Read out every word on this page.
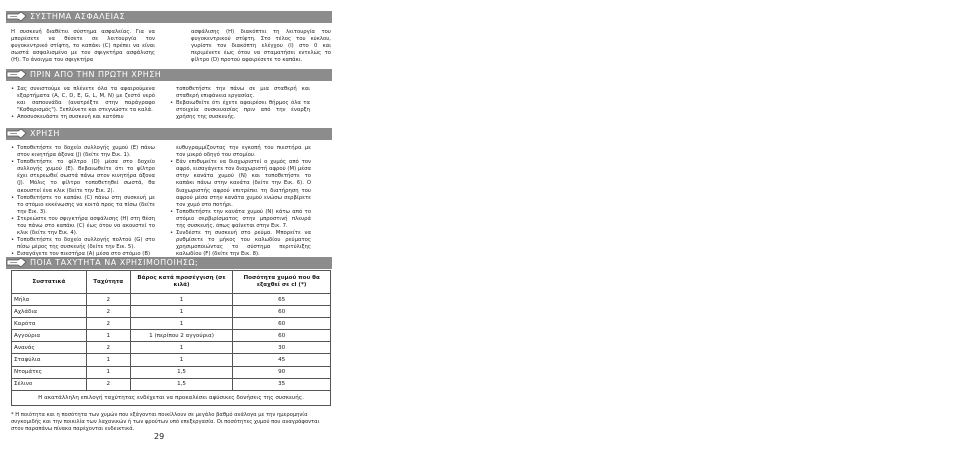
ΣΥΣΤΗΜΑ ΑΣΦΑΛΕΙΑΣ

Η συσκευή διαθέτει σύστημα ασφαλείας. Για να μπορέσετε να θέσετε σε λειτουργία τον φυγοκεντρικό στίφτη, το καπάκι (C) πρέπει να είναι σωστά ασφαλισμένο με τον σφιγκτήρα ασφάλισης (H). Το άνοιγμα του σφιγκτήρα

ασφάλισης (H) διακόπτει τη λειτουργία του φυγοκεντρικού στίφτη. Στο τέλος του κύκλου, γυρίστε τον διακόπτη ελέγχου (I) στο 0 και περιμένετε έως ότου να σταματήσει εντελώς το φίλτρο (D) προτού αφαιρέσετε το καπάκι.

ΠΡΙΝ ΑΠΟ ΤΗΝ ΠΡΩΤΗ ΧΡΗΣΗ
• Σας συνιστούμε να πλένετε όλα τα αφαιρούμενα εξαρτήματα (A, C, D, E, G, L, M, N) με ζεστό νερό και σαπουνάδα (ανατρέξτε στην παράγραφο "Καθαρισμός"). Ξεπλύνετε και στεγνώστε τα καλά.
• Αποσυσκευάστε τη συσκευή και κατόπιν

τοποθετήστε την πάνω σε μια σταθερή και σταθερή επιφάνεια εργασίας.

• Βεβαιωθείτε ότι έχετε αφαιρέσει θήρμος όλα τα στοιχεία συσκευασίας πριν από την έναρξη χρήσης της συσκευής.
ΧΡΗΣΗ
• Τοποθετήστε το δοχείο συλλογής χυμού (E) πάνω στον κινητήρα άξονα (J) (δείτε την Εικ. 1).
• Τοποθετήστε το φίλτρο (D) μέσα στο δοχείο συλλογής χυμού (E). Βεβαιωθείτε ότι το φίλτρο έχει στερεωθεί σωστά πάνω στον κινητήρα άξονα (J). Μόλις το φίλτρο τοποθετηθεί σωστά, θα ακουστεί ένα κλικ (δείτε την Εικ. 2).
• Τοποθετήστε το καπάκι (C) πάνω στη συσκευή με το στόμιο εκκένωσης να κοιτά προς τα πίσω (δείτε την Εικ. 3).
• Στερεώστε τον σφιγκτήρα ασφάλισης (H) στη θέση του πάνω στο καπάκι (C) έως ότου να ακουστεί το κλικ (δείτε την Εικ. 4).
• Τοποθετήστε το δοχείο συλλογής πολτού (G) στο πίσω μέρος της συσκευής (δείτε την Εικ. 5).
• Εισαγάγετε τον πιεστήρα (A) μέσα στο στόμιο (B)

ευθυγραμμίζοντας την εγκοπή του πιεστήρα με τον μικρό οδηγό του στομίου.

• Εάν επιθυμείτε να διαχωριστεί ο χυμός από τον αφρό, εισαγάγετε τον διαχωριστή αφρού (M) μέσα στην κανάτα χυμού (N) και τοποθετήστε το καπάκι πάνω στην κανάτα (δείτε την Εικ. 6). Ο διαχωριστής αφρού επιτρέπει τη διατήρηση του αφρού μέσα στην κανάτα χυμού ενώσω σερβίρετε τον χυμό στο ποτήρι.
• Τοποθετήστε την κανάτα χυμού (N) κάτω από το στόμιο σερβιρίσματος στην μπροστινή πλευρά της συσκευής, όπως φαίνεται στην Εικ. 7.
• Συνδέστε τη συσκευή στο ρεύμα. Μπορείτε να ρυθμίσετε το μήκος του καλωδίου ρεύματος χρησιμοποιώντας το σύστημα περιτύλιξης καλωδίου (F) (δείτε την Εικ. 8).
ΠΟΙΑ ΤΑΧΥΤΗΤΑ ΝΑ ΧΡΗΣΙΜΟΠΟΙΗΣΩ;
Συστατικά	Ταχύτητα	Βάρος κατά προσέγγιση (σε κιλά)	Ποσότητα χυμού που θα εξαχθεί σε cl (*)
Μήλα	2	1	65
Αχλάδια	2	1	60
Καρότα	2	1	60
Αγγούρια	1	1 (περίπου 2 αγγούρια)	60
Ανανάς	2	1	30
Σταφύλια	1	1	45
Ντομάτες	1	1,5	90
Σέλινο	2	1,5	35
Η ακατάλληλη επιλογή ταχύτητας ενδέχεται να προκαλέσει αφύσικες δονήσεις της συσκευής.			
* Η ποιότητα και η ποσότητα των χυμών που εξάγονται ποικίλλουν σε μεγάλο βαθμό ανάλογα με την ημερομηνία συγκομιδής και την ποικιλία των λαχανικών ή των φρούτων υπό επεξεργασία. Οι ποσότητες χυμού που αναγράφονται στον παραπάνω πίνακα παρέχονται ενδεικτικά.
29
